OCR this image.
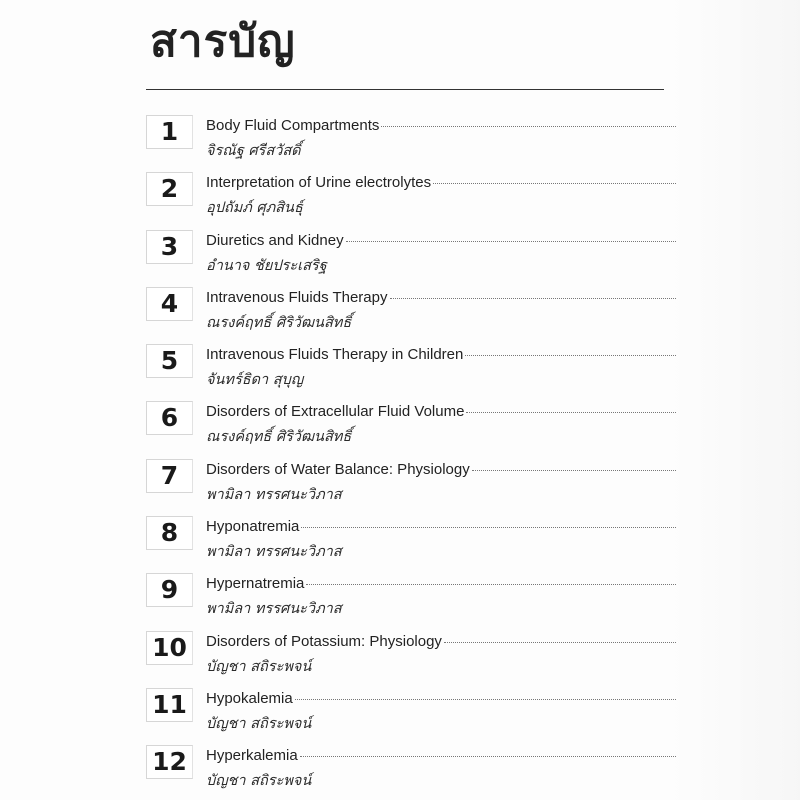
สารบัญ
1	Body Fluid Compartments
จิรณัฐ ศรีสวัสดิ์
2	Interpretation of Urine electrolytes
อุปถัมภ์ ศุภสินธุ์
3	Diuretics and Kidney
อำนาจ ชัยประเสริฐ
4	Intravenous Fluids Therapy
ณรงค์ฤทธิ์ ศิริวัฒนสิทธิ์
5	Intravenous Fluids Therapy in Children
จันทร์ธิดา สุบุญ
6	Disorders of Extracellular Fluid Volume
ณรงค์ฤทธิ์ ศิริวัฒนสิทธิ์
7	Disorders of Water Balance: Physiology
พามิลา ทรรศนะวิภาส
8	Hyponatremia
พามิลา ทรรศนะวิภาส
9	Hypernatremia
พามิลา ทรรศนะวิภาส
10	Disorders of Potassium: Physiology
บัญชา สถิระพจน์
11	Hypokalemia
บัญชา สถิระพจน์
12	Hyperkalemia
บัญชา สถิระพจน์
